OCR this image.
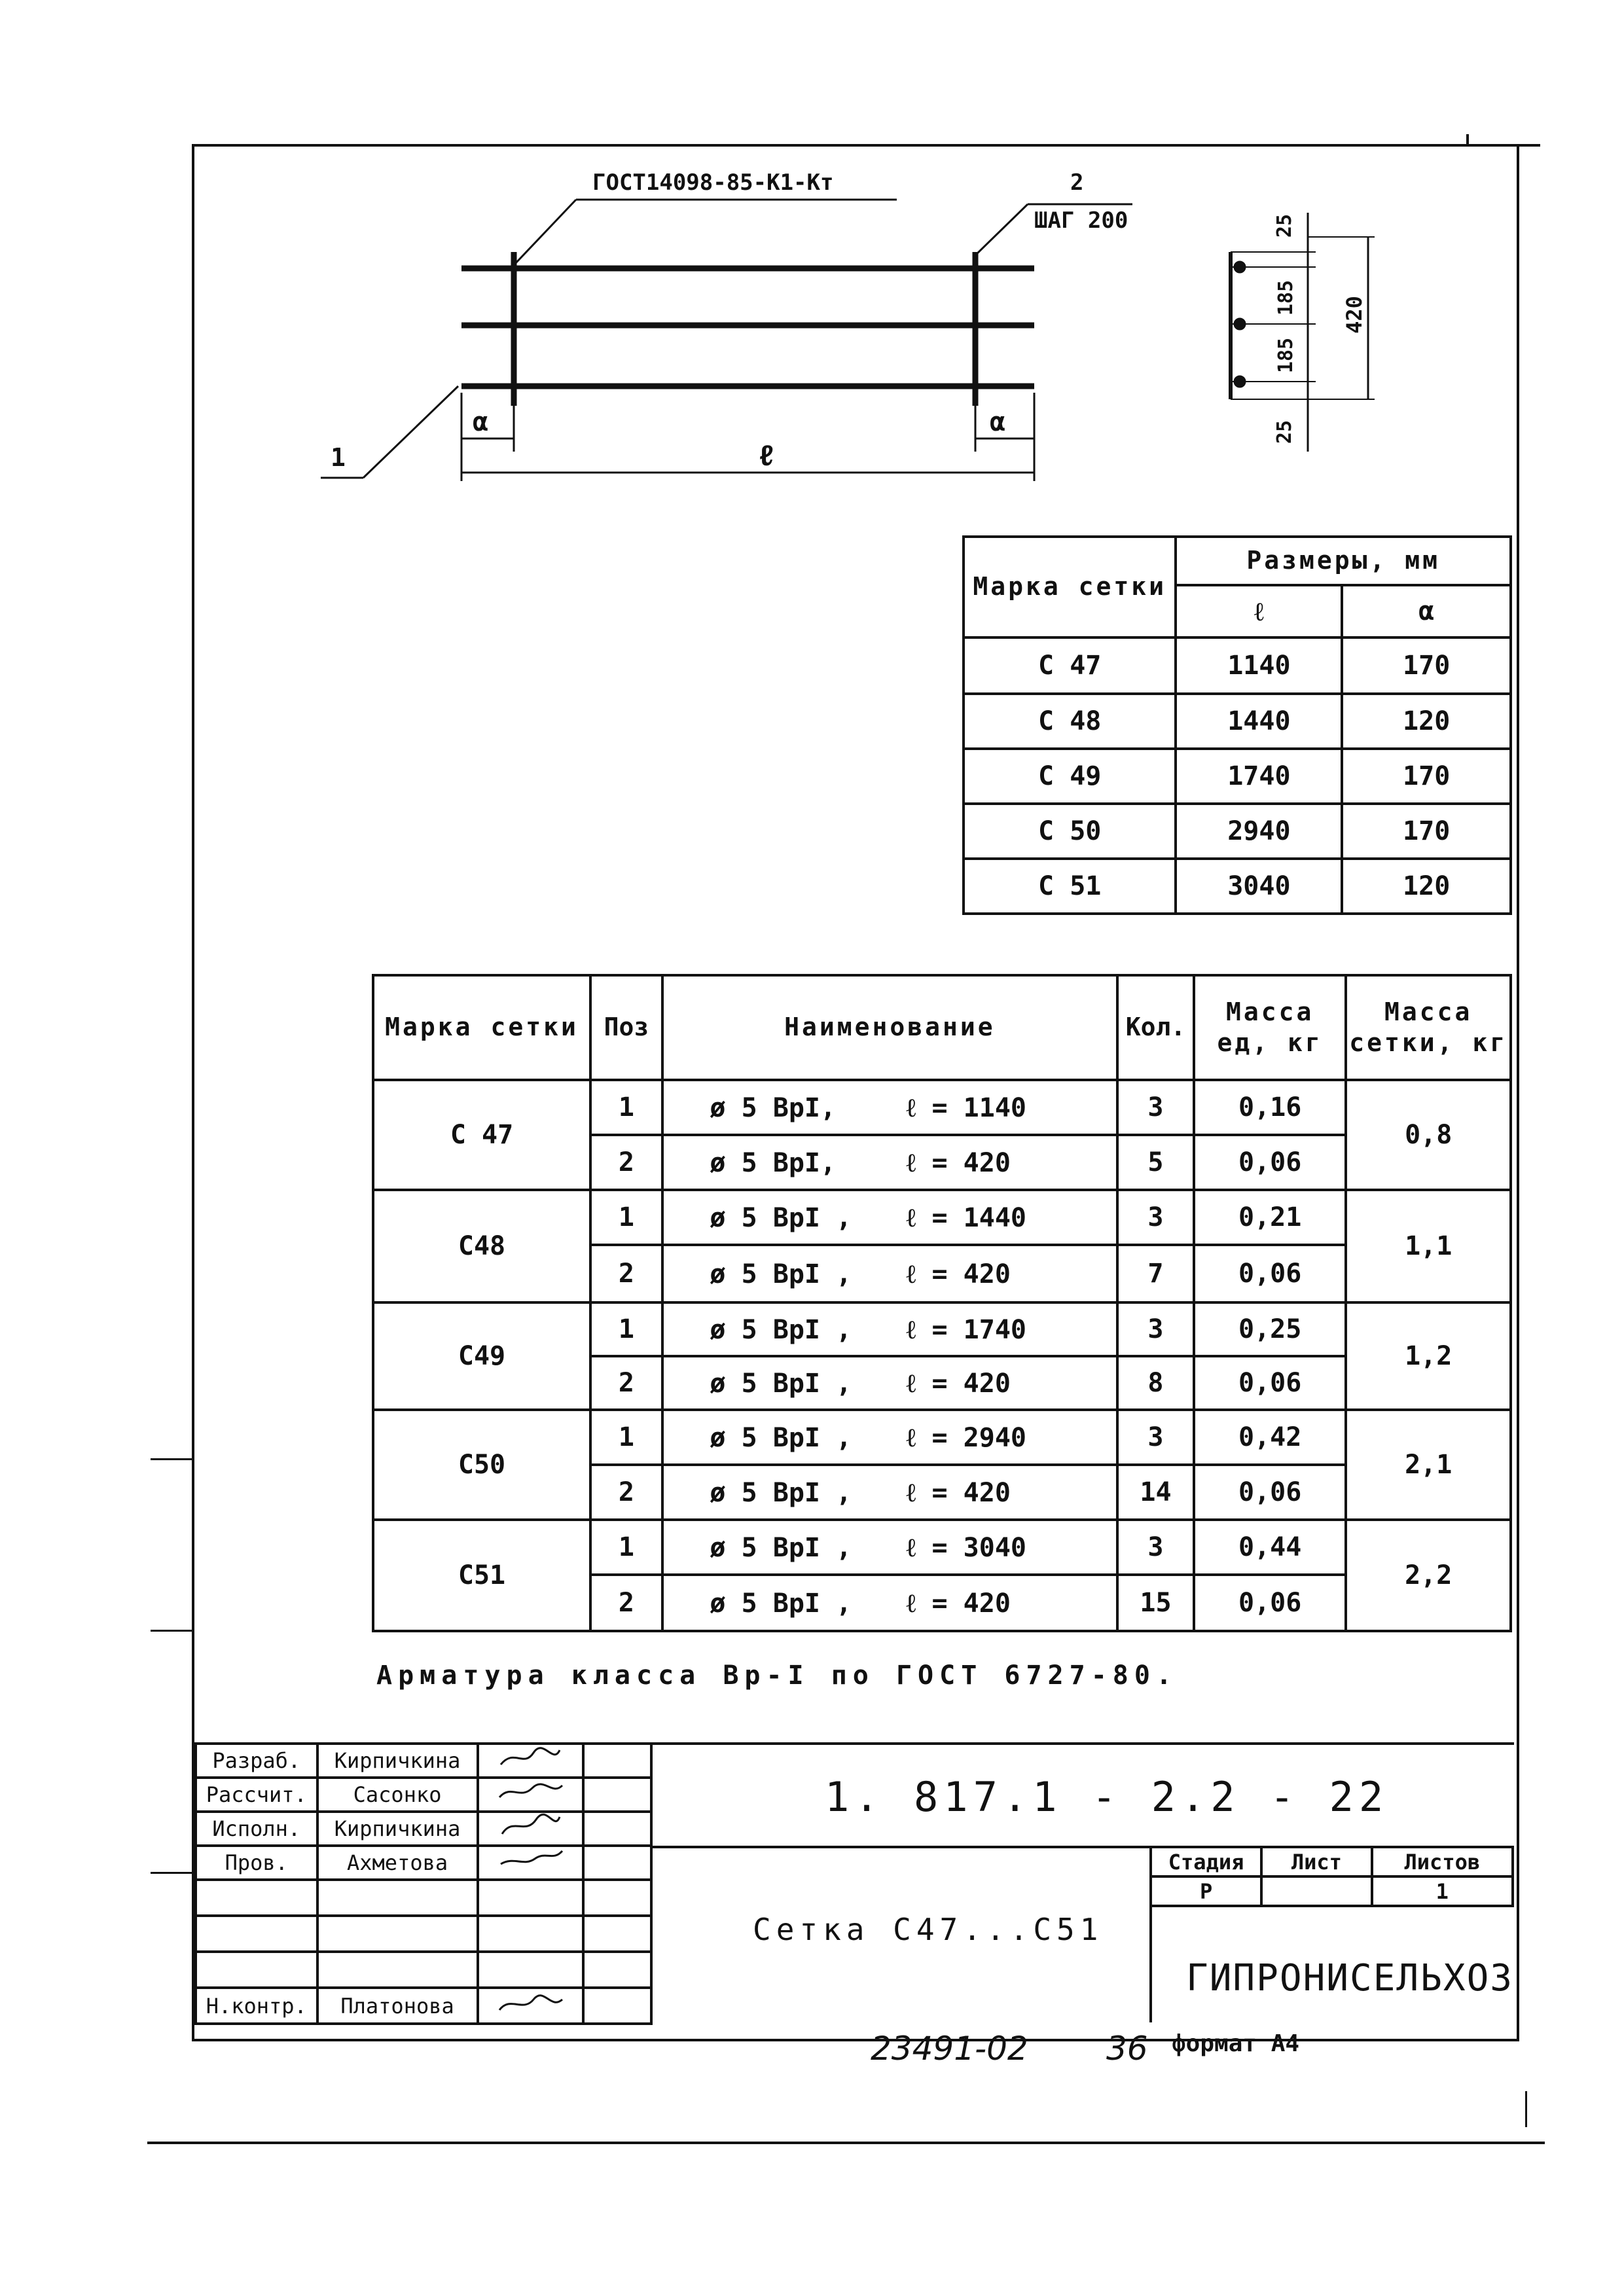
ГОСТ14098-85-К1-Кт	2
ШАГ 200
1
α	α
ℓ
25
185
185
25
420
Марка сетки	Размеры, мм	
	ℓ	α
С 47	1140	170
С 48	1440	120
С 49	1740	170
С 50	2940	170
С 51	3040	120
Марка сетки	Поз	Наименование	Кол.	Масса ед, кг	Масса сетки, кг
С 47	1	ø 5 BpI, ℓ = 1140	3	0,16	0,8
	2	ø 5 BpI, ℓ = 420	5	0,06	
С48	1	ø 5 BpI , ℓ = 1440	3	0,21	1,1
	2	ø 5 BpI , ℓ = 420	7	0,06	
С49	1	ø 5 BpI , ℓ = 1740	3	0,25	1,2
	2	ø 5 BpI , ℓ = 420	8	0,06	
С50	1	ø 5 BpI , ℓ = 2940	3	0,42	2,1
	2	ø 5 BpI , ℓ = 420	14	0,06	
С51	1	ø 5 BpI , ℓ = 3040	3	0,44	2,2
	2	ø 5 BpI , ℓ = 420	15	0,06	
Арматура класса Вр-I по ГОСТ 6727-80.
Разраб.	Кирпичкина		
Рассчит.	Сасонко		
Исполн.	Кирпичкина		
Пров.	Ахметова		

Н.контр.	Платонова		
1. 817.1 - 2.2 - 22
Сетка С47...С51
Стадия	Лист	Листов
Р		1
ГИПРОНИСЕЛЬХОЗ
23491-02 36 формат А4
